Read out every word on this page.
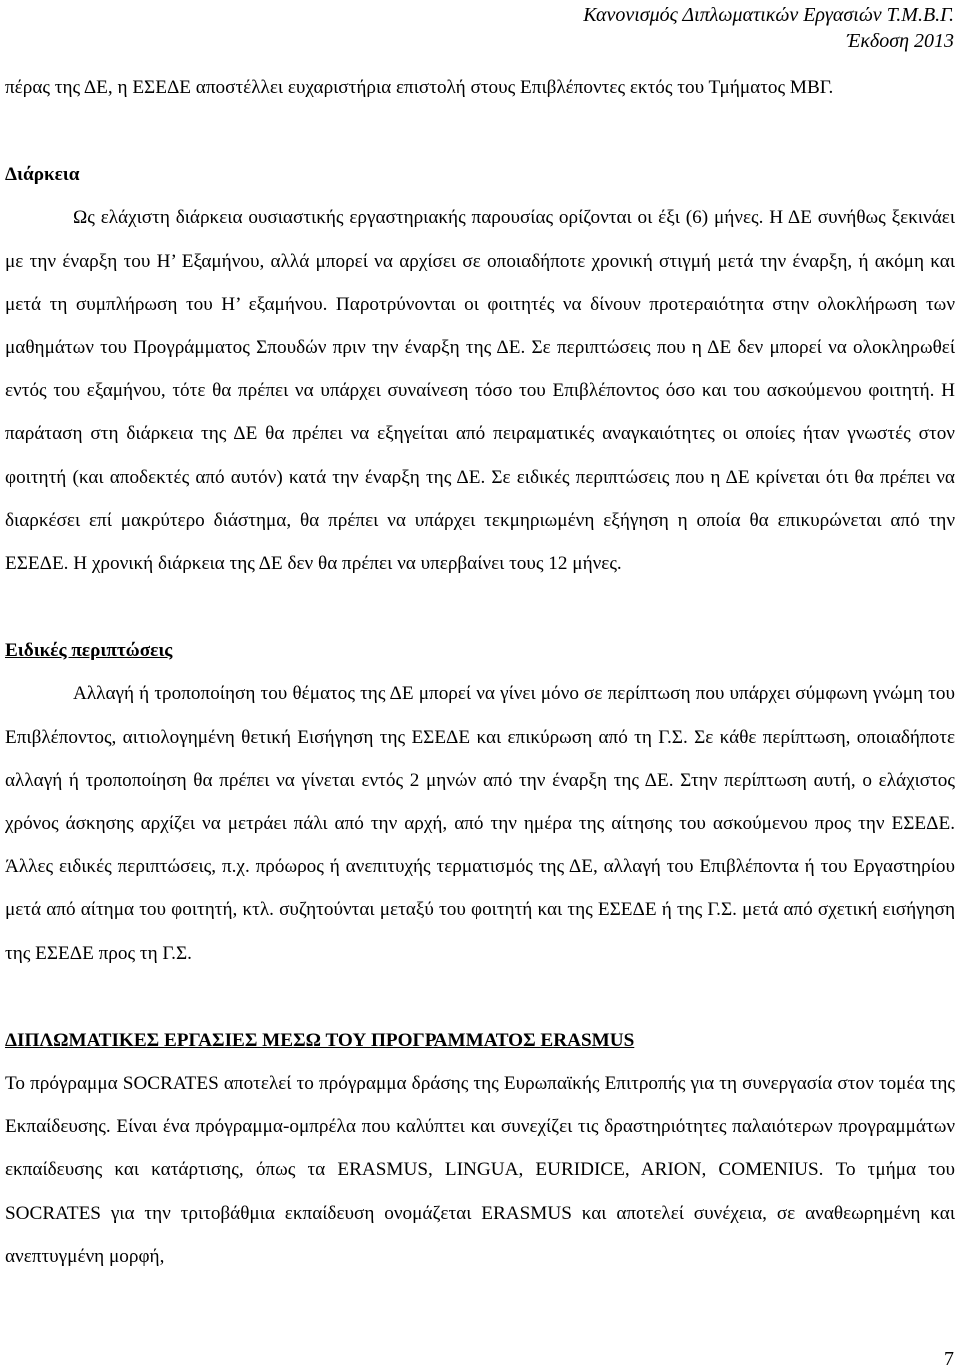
Κανονισμός Διπλωματικών Εργασιών Τ.Μ.Β.Γ.
Έκδοση 2013

πέρας της ΔΕ, η ΕΣΕΔΕ αποστέλλει ευχαριστήρια επιστολή στους Επιβλέποντες εκτός του Τμήματος ΜΒΓ.

Διάρκεια

Ως ελάχιστη διάρκεια ουσιαστικής εργαστηριακής παρουσίας ορίζονται οι έξι (6) μήνες. Η ΔΕ συνήθως ξεκινάει με την έναρξη του Η’ Εξαμήνου, αλλά μπορεί να αρχίσει σε οποιαδήποτε χρονική στιγμή μετά την έναρξη, ή ακόμη και μετά τη συμπλήρωση του Η’ εξαμήνου. Παροτρύνονται οι φοιτητές να δίνουν προτεραιότητα στην ολοκλήρωση των μαθημάτων του Προγράμματος Σπουδών πριν την έναρξη της ΔΕ. Σε περιπτώσεις που η ΔΕ δεν μπορεί να ολοκληρωθεί εντός του εξαμήνου, τότε θα πρέπει να υπάρχει συναίνεση τόσο του Επιβλέποντος όσο και του ασκούμενου φοιτητή. Η παράταση στη διάρκεια της ΔΕ θα πρέπει να εξηγείται από πειραματικές αναγκαιότητες οι οποίες ήταν γνωστές στον φοιτητή (και αποδεκτές από αυτόν) κατά την έναρξη της ΔΕ. Σε ειδικές περιπτώσεις που η ΔΕ κρίνεται ότι θα πρέπει να διαρκέσει επί μακρύτερο διάστημα, θα πρέπει να υπάρχει τεκμηριωμένη εξήγηση η οποία θα επικυρώνεται από την ΕΣΕΔΕ. Η χρονική διάρκεια της ΔΕ δεν θα πρέπει να υπερβαίνει τους 12 μήνες.

Ειδικές περιπτώσεις

Αλλαγή ή τροποποίηση του θέματος της ΔΕ μπορεί να γίνει μόνο σε περίπτωση που υπάρχει σύμφωνη γνώμη του Επιβλέποντος, αιτιολογημένη θετική Εισήγηση της ΕΣΕΔΕ και επικύρωση από τη Γ.Σ. Σε κάθε περίπτωση, οποιαδήποτε αλλαγή ή τροποποίηση θα πρέπει να γίνεται εντός 2 μηνών από την έναρξη της ΔΕ. Στην περίπτωση αυτή, ο ελάχιστος χρόνος άσκησης αρχίζει να μετράει πάλι από την αρχή, από την ημέρα της αίτησης του ασκούμενου προς την ΕΣΕΔΕ. Άλλες ειδικές περιπτώσεις, π.χ. πρόωρος ή ανεπιτυχής τερματισμός της ΔΕ, αλλαγή του Επιβλέποντα ή του Εργαστηρίου μετά από αίτημα του φοιτητή, κτλ. συζητούνται μεταξύ του φοιτητή και της ΕΣΕΔΕ ή της Γ.Σ. μετά από σχετική εισήγηση της ΕΣΕΔΕ προς τη Γ.Σ.

ΔΙΠΛΩΜΑΤΙΚΕΣ ΕΡΓΑΣΙΕΣ ΜΕΣΩ ΤΟΥ ΠΡΟΓΡΑΜΜΑΤΟΣ ERASMUS

Το πρόγραμμα SOCRATES αποτελεί το πρόγραμμα δράσης της Ευρωπαϊκής Επιτροπής για τη συνεργασία στον τομέα της Εκπαίδευσης. Είναι ένα πρόγραμμα-ομπρέλα που καλύπτει και συνεχίζει τις δραστηριότητες παλαιότερων προγραμμάτων εκπαίδευσης και κατάρτισης, όπως τα ERASMUS, LINGUA, EURIDICE, ARION, COMENIUS. Το τμήμα του SOCRATES για την τριτοβάθμια εκπαίδευση ονομάζεται ERASMUS και αποτελεί συνέχεια, σε αναθεωρημένη και ανεπτυγμένη μορφή,

7
